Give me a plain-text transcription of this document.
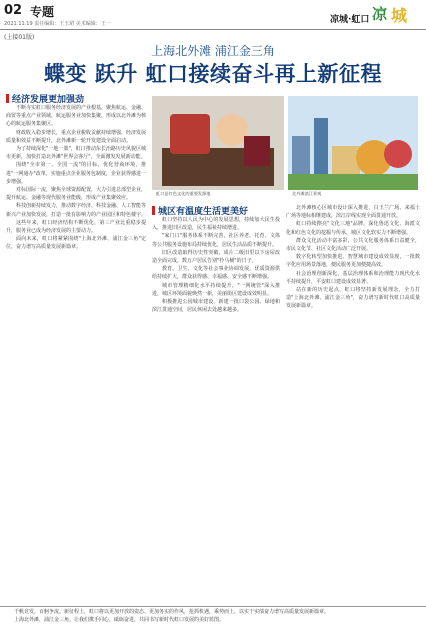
02 专题
2021.11.19 责任编辑：王玉珺 美术编辑：王一	凉城·虹口 凉 城
(上接01版)
上海北外滩 浦江金三角
蝶变 跃升 虹口接续奋斗再上新征程
经济发展更加强劲

不断夯实虹口服务经济发展的产业根基，聚焦航运、金融、商贸等重点产业领域，航运服务业加快集聚，形成以北外滩为核心的航运服务集聚区。

财政收入稳步增长，重点企业税收贡献持续增强，经济发展质量和效益不断提升，北外滩新一轮开发建设全面启动。

为了持续深化"一地一策"，虹口推动东长治路历史风貌区城市更新，加快打造北外滩"世界会客厅"，全面激发发展新动能。

围绕"全市第一、全国一流"的目标，优化营商环境，推进"一网通办"改革，实施重点企业服务包制度，企业获得感进一步增强。

对标国际一流，聚焦全球资源配置，大力引进总部型企业，提升航运、金融等现代服务业能级，形成产业集聚效应。

科技创新持续发力，推动数字经济、科技金融、人工智能等新兴产业加快发展，打造一批有影响力的产业园区和特色楼宇。

这些年来，虹口经济结构不断优化，第三产业比重稳步提升，服务业已成为经济发展的主要动力。

面向未来，虹口将紧紧围绕"上海北外滩、浦江金三角"定位，奋力谱写高质量发展新篇章。

虹口是红色文化的重要发源地	北外滩滨江景观
城区有温度生活更美好

虹口坚持以人民为中心的发展思想，持续加大民生投入，推进旧区改造，民生福祉持续增进。

"家门口"服务体系不断完善，社区养老、托育、文体等公共服务设施布局持续优化，居民生活品质不断提升。

旧区改造取得历史性突破，成片二级旧里以下房屋改造全面完成，数万户居民告别"拎马桶"的日子。

教育、卫生、文化等社会事业协调发展，优质资源供给持续扩大，群众获得感、幸福感、安全感不断增强。

城市管理精细化水平持续提升，"一网统管"深入推进，城区环境面貌焕然一新，美丽街区建设成效明显。

积极推进公园城市建设，新建一批口袋公园、绿地和滨江贯通空间，居民休闲去处越来越多。

北外滩核心区城市设计深入推进，白玉兰广场、来福士广场等地标相继建成，滨江岸线实现全面贯通开放。

虹口持续擦亮"文化三地"品牌，深化鲁迅文化、海派文化和红色文化的挖掘与传承，城区文化软实力不断增强。

群众文化活动丰富多彩，公共文化服务体系日益健全，市民文化节、社区文化活动广泛开展。

数字化转型加快推进，智慧城市建设成效显现，一批数字化应用场景落地，便民服务更加便捷高效。

社会治理创新深化，基层治理体系和治理能力现代化水平持续提升，平安虹口建设成效显著。

站在新的历史起点，虹口将坚持新发展理念，全力打造"上海北外滩、浦江金三角"，奋力谱写新时代虹口高质量发展新篇章。

千帆竞发，百舸争流。新征程上，虹口将以更加开放的姿态、更加务实的作风，抢抓机遇，乘势而上，以实干实绩奋力谱写高质量发展新篇章。

上海北外滩，浦江金三角。让我们携手同心，砥砺奋进，共同书写新时代虹口发展的美好蓝图。
